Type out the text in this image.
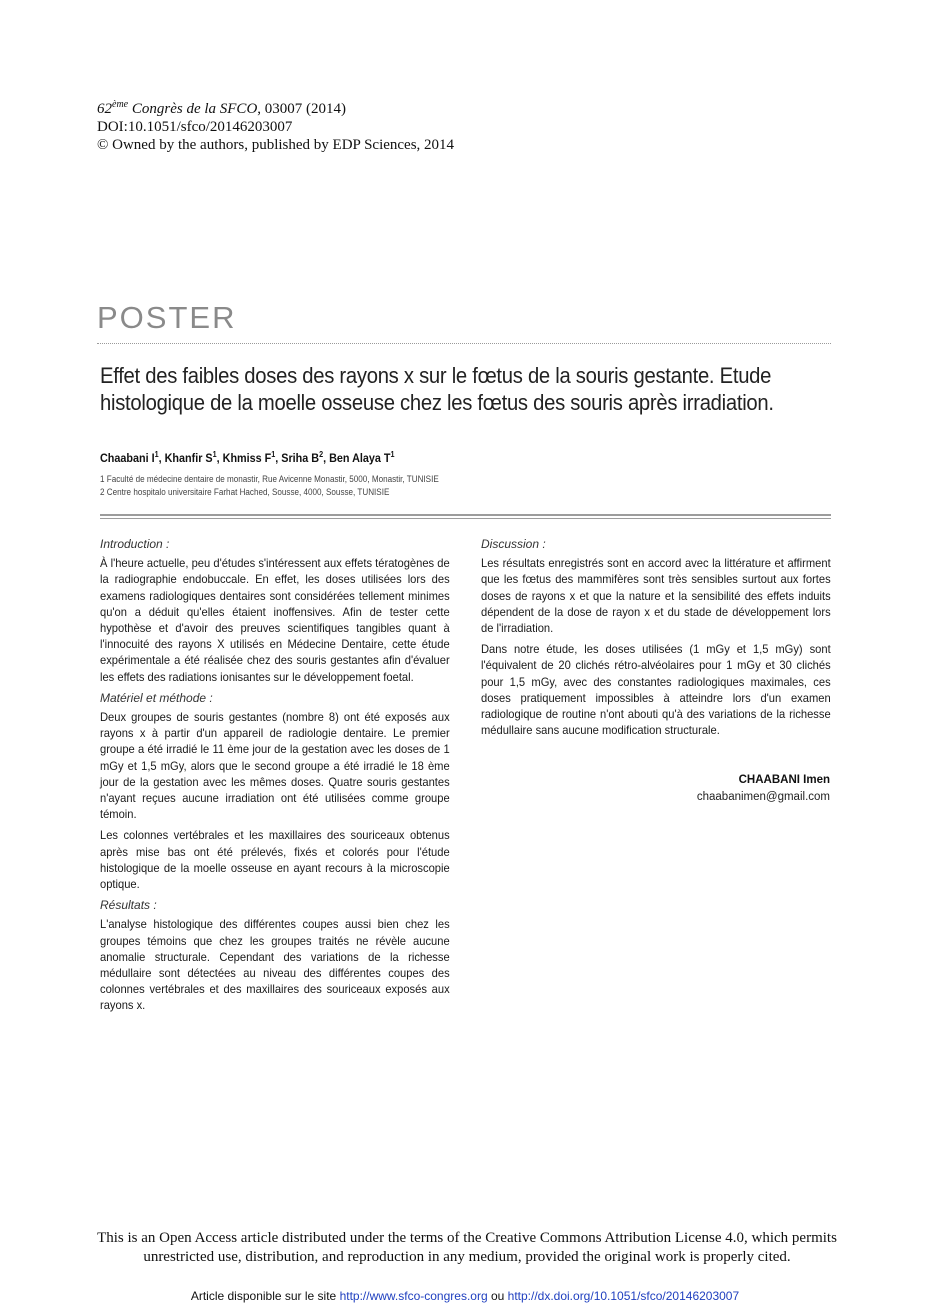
62ème Congrès de la SFCO, 03007 (2014)
DOI:10.1051/sfco/20146203007
© Owned by the authors, published by EDP Sciences, 2014
POSTER
Effet des faibles doses des rayons x sur le fœtus de la souris gestante. Etude histologique de la moelle osseuse chez les fœtus des souris après irradiation.
Chaabani $I^1$, Khanfir $S^1$, Khmiss $F^1$, Sriha $B^2$, Ben Alaya $T^1$
1 Faculté de médecine dentaire de monastir, Rue Avicenne Monastir, 5000, Monastir, TUNISIE
2 Centre hospitalo universitaire Farhat Hached, Sousse, 4000, Sousse, TUNISIE
Introduction :
À l'heure actuelle, peu d'études s'intéressent aux effets tératogènes de la radiographie endobuccale. En effet, les doses utilisées lors des examens radiologiques dentaires sont considérées tellement minimes qu'on a déduit qu'elles étaient inoffensives. Afin de tester cette hypothèse et d'avoir des preuves scientifiques tangibles quant à l'innocuité des rayons X utilisés en Médecine Dentaire, cette étude expérimentale a été réalisée chez des souris gestantes afin d'évaluer les effets des radiations ionisantes sur le développement foetal.
Matériel et méthode :
Deux groupes de souris gestantes (nombre 8) ont été exposés aux rayons x à partir d'un appareil de radiologie dentaire. Le premier groupe a été irradié le 11 ème jour de la gestation avec les doses de 1 mGy et 1,5 mGy, alors que le second groupe a été irradié le 18 ème jour de la gestation avec les mêmes doses. Quatre souris gestantes n'ayant reçues aucune irradiation ont été utilisées comme groupe témoin.
Les colonnes vertébrales et les maxillaires des souriceaux obtenus après mise bas ont été prélevés, fixés et colorés pour l'étude histologique de la moelle osseuse en ayant recours à la microscopie optique.
Résultats :
L'analyse histologique des différentes coupes aussi bien chez les groupes témoins que chez les groupes traités ne révèle aucune anomalie structurale. Cependant des variations de la richesse médullaire sont détectées au niveau des différentes coupes des colonnes vertébrales et des maxillaires des souriceaux exposés aux rayons x.
Discussion :
Les résultats enregistrés sont en accord avec la littérature et affirment que les fœtus des mammifères sont très sensibles surtout aux fortes doses de rayons x et que la nature et la sensibilité des effets induits dépendent de la dose de rayon x et du stade de développement lors de l'irradiation.
Dans notre étude, les doses utilisées (1 mGy et 1,5 mGy) sont l'équivalent de 20 clichés rétro-alvéolaires pour 1 mGy et 30 clichés pour 1,5 mGy, avec des constantes radiologiques maximales, ces doses pratiquement impossibles à atteindre lors d'un examen radiologique de routine n'ont abouti qu'à des variations de la richesse médullaire sans aucune modification structurale.
CHAABANI Imen
chaabanimen@gmail.com
This is an Open Access article distributed under the terms of the Creative Commons Attribution License 4.0, which permits unrestricted use, distribution, and reproduction in any medium, provided the original work is properly cited.
Article disponible sur le site http://www.sfco-congres.org ou http://dx.doi.org/10.1051/sfco/20146203007
